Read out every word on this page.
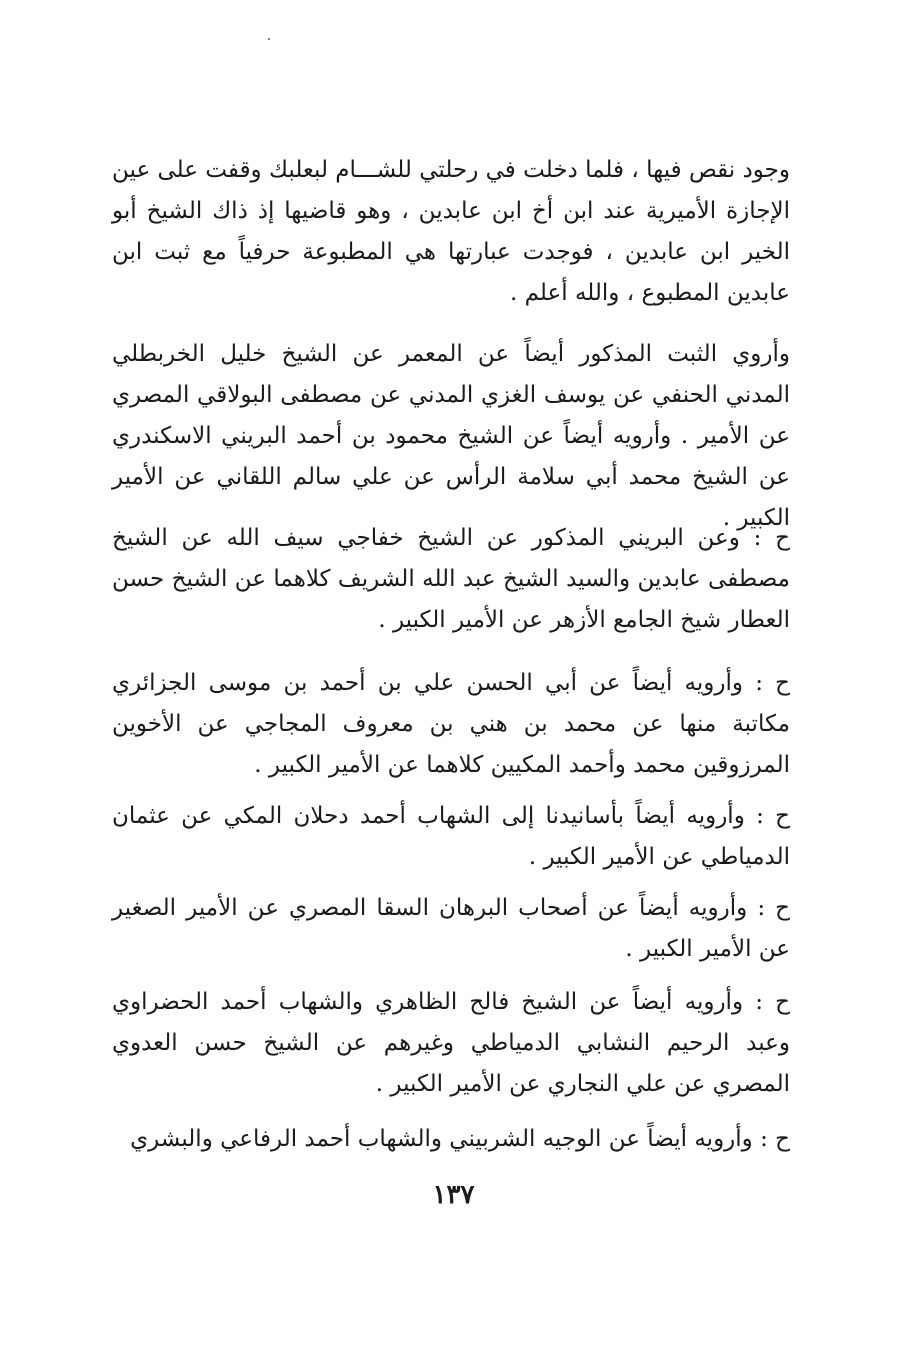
وجود نقص فيها ، فلما دخلت في رحلتي للشـــام لبعلبك وقفت على عين الإجازة الأميرية عند ابن أخ ابن عابدين ، وهو قاضيها إذ ذاك الشيخ أبو الخير ابن عابدين ، فوجدت عبارتها هي المطبوعة حرفياً مع ثبت ابن عابدين المطبوع ، والله أعلم .

وأروي الثبت المذكور أيضاً عن المعمر عن الشيخ خليل الخربطلي المدني الحنفي عن يوسف الغزي المدني عن مصطفى البولاقي المصري عن الأمير . وأرويه أيضاً عن الشيخ محمود بن أحمد البريني الاسكندري عن الشيخ محمد أبي سلامة الرأس عن علي سالم اللقاني عن الأمير الكبير .

ح : وعن البريني المذكور عن الشيخ خفاجي سيف الله عن الشيخ مصطفى عابدين والسيد الشيخ عبد الله الشريف كلاهما عن الشيخ حسن العطار شيخ الجامع الأزهر عن الأمير الكبير .

ح : وأرويه أيضاً عن أبي الحسن علي بن أحمد بن موسى الجزائري مكاتبة منها عن محمد بن هني بن معروف المجاجي عن الأخوين المرزوقين محمد وأحمد المكيين كلاهما عن الأمير الكبير .

ح : وأرويه أيضاً بأسانيدنا إلى الشهاب أحمد دحلان المكي عن عثمان الدمياطي عن الأمير الكبير .

ح : وأرويه أيضاً عن أصحاب البرهان السقا المصري عن الأمير الصغير عن الأمير الكبير .

ح : وأرويه أيضاً عن الشيخ فالح الظاهري والشهاب أحمد الحضراوي وعبد الرحيم النشابي الدمياطي وغيرهم عن الشيخ حسن العدوي المصري عن علي النجاري عن الأمير الكبير .

ح : وأرويه أيضاً عن الوجيه الشربيني والشهاب أحمد الرفاعي والبشري

١٣٧
